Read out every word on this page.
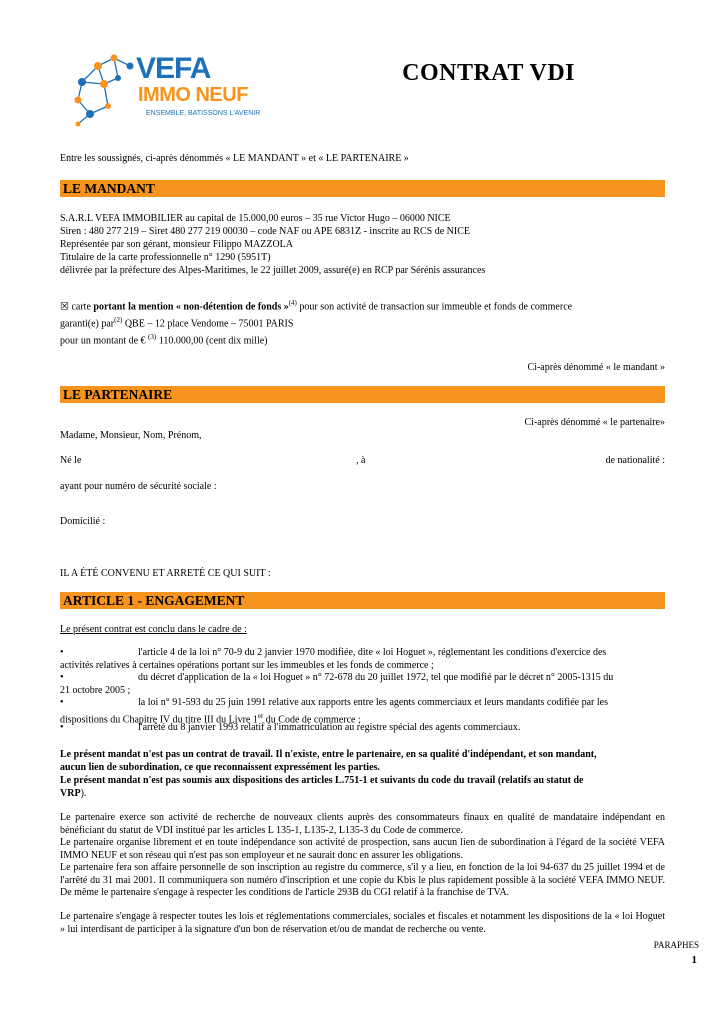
VEFA
IMMO NEUF
ENSEMBLE, BATISSONS L'AVENIR
CONTRAT VDI
Entre les soussignés, ci-après dénommés « LE MANDANT » et « LE PARTENAIRE »
LE MANDANT
S.A.R.L VEFA IMMOBILIER au capital de 15.000,00 euros – 35 rue Victor Hugo – 06000 NICE
Siren : 480 277 219 – Siret 480 277 219 00030 – code NAF ou APE 6831Z - inscrite au RCS de NICE
Représentée par son gérant, monsieur Filippo MAZZOLA
Titulaire de la carte professionnelle n° 1290 (5951T)
délivrée par la préfecture des Alpes-Maritimes, le 22 juillet 2009, assuré(e) en RCP par Sérénis assurances
☒ carte portant la mention « non-détention de fonds »$^{(4)}$ pour son activité de transaction sur immeuble et fonds de commerce
garanti(e) par$^{(2)}$ QBE – 12 place Vendome – 75001 PARIS
pour un montant de € $^{(3)}$ 110.000,00 (cent dix mille)
Ci-après dénommé « le mandant »
LE PARTENAIRE
Ci-après dénommé « le partenaire»
Madame, Monsieur, Nom, Prénom,
Né le	, à	de nationalité :
ayant pour numéro de sécurité sociale :
Domicilié :
IL A ÉTÉ CONVENU ET ARRETÉ CE QUI SUIT :
ARTICLE 1 - ENGAGEMENT
Le présent contrat est conclu dans le cadre de :
•	l'article 4 de la loi n° 70-9 du 2 janvier 1970 modifiée, dite « loi Hoguet », réglementant les conditions d'exercice des
activités relatives à certaines opérations portant sur les immeubles et les fonds de commerce ;
•	du décret d'application de la « loi Hoguet » n° 72-678 du 20 juillet 1972, tel que modifié par le décret n° 2005-1315 du
21 octobre 2005 ;
•	la loi n° 91-593 du 25 juin 1991 relative aux rapports entre les agents commerciaux et leurs mandants codifiée par les
dispositions du Chapitre IV du titre III du Livre 1er du Code de commerce ;
•	l'arrêté du 8 janvier 1993 relatif à l'immatriculation au registre spécial des agents commerciaux.
Le présent mandat n'est pas un contrat de travail. Il n'existe, entre le partenaire, en sa qualité d'indépendant, et son mandant,
aucun lien de subordination, ce que reconnaissent expressément les parties.
Le présent mandat n'est pas soumis aux dispositions des articles L.751-1 et suivants du code du travail (relatifs au statut de
VRP).
Le partenaire exerce son activité de recherche de nouveaux clients auprès des consommateurs finaux en qualité de mandataire indépendant en bénéficiant du statut de VDI institué par les articles L 135-1, L135-2, L135-3 du Code de commerce.
Le partenaire organise librement et en toute indépendance son activité de prospection, sans aucun lien de subordination à l'égard de la société VEFA IMMO NEUF et son réseau qui n'est pas son employeur et ne saurait donc en assurer les obligations.
Le partenaire fera son affaire personnelle de son inscription au registre du commerce, s'il y a lieu, en fonction de la loi 94-637 du 25 juillet 1994 et de l'arrêté du 31 mai 2001. Il communiquera son numéro d'inscription et une copie du Kbis le plus rapidement possible à la société VEFA IMMO NEUF. De même le partenaire s'engage à respecter les conditions de l'article 293B du CGI relatif à la franchise de TVA.
Le partenaire s'engage à respecter toutes les lois et réglementations commerciales, sociales et fiscales et notamment les dispositions de la « loi Hoguet » lui interdisant de participer à la signature d'un bon de réservation et/ou de mandat de recherche ou vente.
PARAPHES
1
